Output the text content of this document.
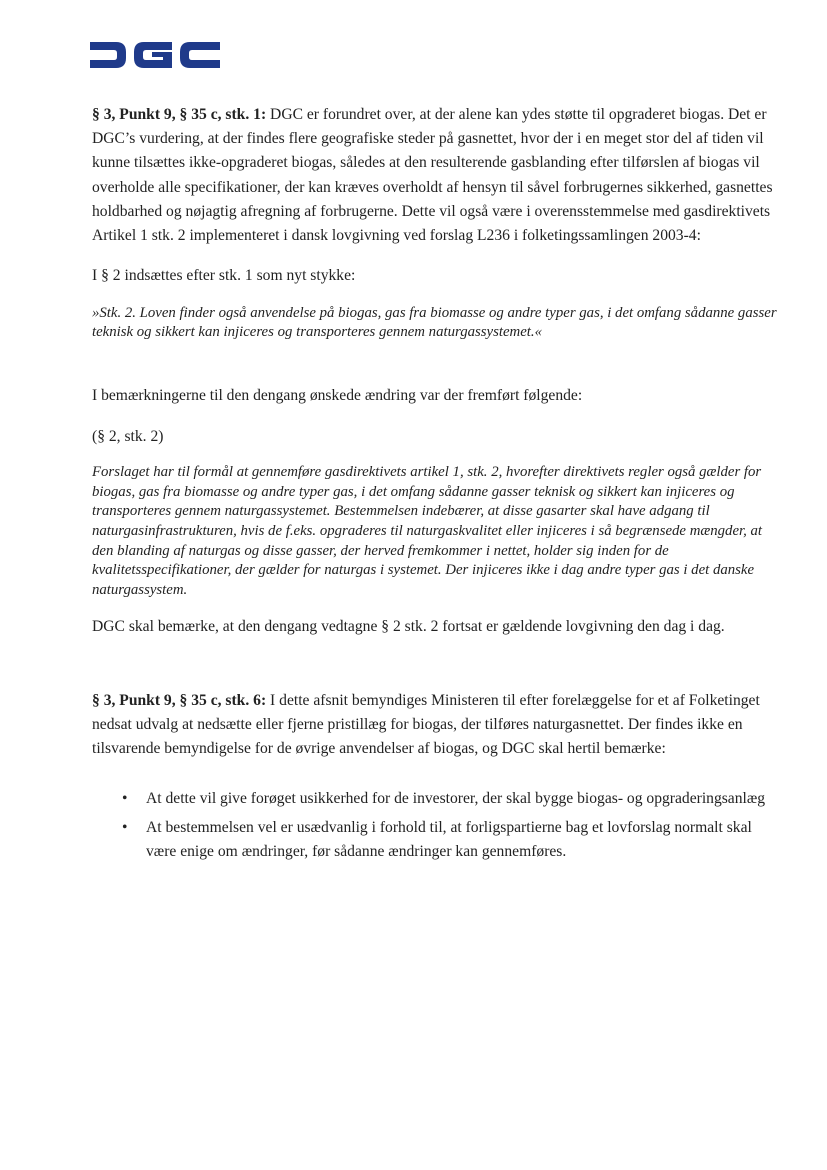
§ 3, Punkt 9, § 35 c, stk. 1: DGC er forundret over, at der alene kan ydes støtte til opgraderet biogas. Det er DGC’s vurdering, at der findes flere geografiske steder på gasnettet, hvor der i en meget stor del af tiden vil kunne tilsættes ikke-opgraderet biogas, således at den resulterende gasblanding efter tilførslen af biogas vil overholde alle specifikationer, der kan kræves overholdt af hensyn til såvel forbrugernes sikkerhed, gasnettes holdbarhed og nøjagtig afregning af forbrugerne. Dette vil også være i overensstemmelse med gasdirektivets Artikel 1 stk. 2 implementeret i dansk lovgivning ved forslag L236 i folketingssamlingen 2003-4:

I § 2 indsættes efter stk. 1 som nyt stykke:

»Stk. 2. Loven finder også anvendelse på biogas, gas fra biomasse og andre typer gas, i det omfang sådanne gasser teknisk og sikkert kan injiceres og transporteres gennem naturgassystemet.«

I bemærkningerne til den dengang ønskede ændring var der fremført følgende:

(§ 2, stk. 2)

Forslaget har til formål at gennemføre gasdirektivets artikel 1, stk. 2, hvorefter direktivets regler også gælder for biogas, gas fra biomasse og andre typer gas, i det omfang sådanne gasser teknisk og sikkert kan injiceres og transporteres gennem naturgassystemet. Bestemmelsen indebærer, at disse gasarter skal have adgang til naturgasinfrastrukturen, hvis de f.eks. opgraderes til naturgaskvalitet eller injiceres i så begrænsede mængder, at den blanding af naturgas og disse gasser, der herved fremkommer i nettet, holder sig inden for de kvalitetsspecifikationer, der gælder for naturgas i systemet. Der injiceres ikke i dag andre typer gas i det danske naturgassystem.

DGC skal bemærke, at den dengang vedtagne § 2 stk. 2 fortsat er gældende lovgivning den dag i dag.

§ 3, Punkt 9, § 35 c, stk. 6: I dette afsnit bemyndiges Ministeren til efter forelæggelse for et af Folketinget nedsat udvalg at nedsætte eller fjerne pristillæg for biogas, der tilføres naturgasnettet. Der findes ikke en tilsvarende bemyndigelse for de øvrige anvendelser af biogas, og DGC skal hertil bemærke:

• At dette vil give forøget usikkerhed for de investorer, der skal bygge biogas- og opgraderingsanlæg
• At bestemmelsen vel er usædvanlig i forhold til, at forligspartierne bag et lovforslag normalt skal være enige om ændringer, før sådanne ændringer kan gennemføres.
